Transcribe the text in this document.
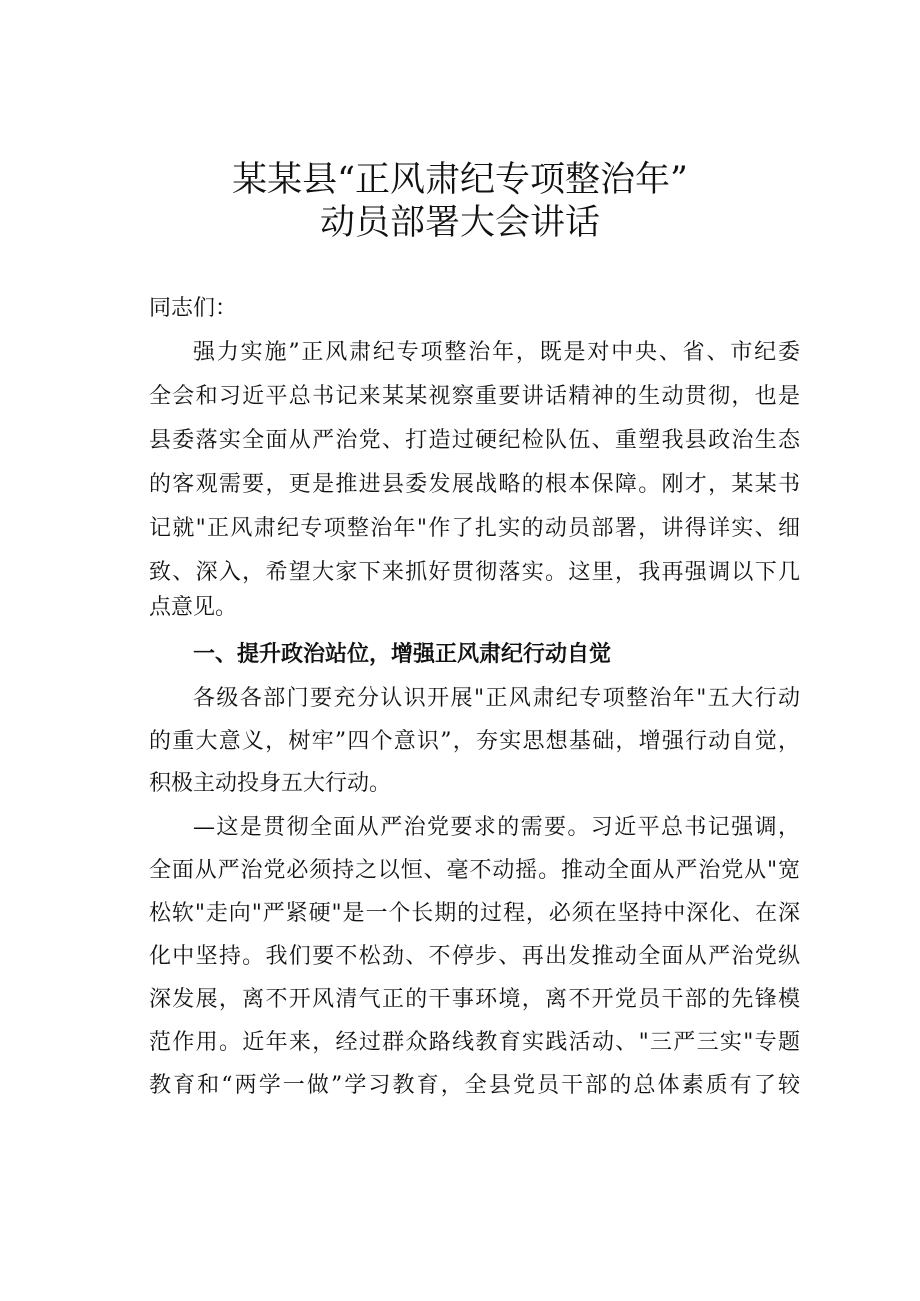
某某县“正风肃纪专项整治年”
动员部署大会讲话
同志们：
强力实施”正风肃纪专项整治年，既是对中央、省、市纪委
全会和习近平总书记来某某视察重要讲话精神的生动贯彻，也是
县委落实全面从严治党、打造过硬纪检队伍、重塑我县政治生态
的客观需要，更是推进县委发展战略的根本保障。刚才，某某书
记就"正风肃纪专项整治年"作了扎实的动员部署，讲得详实、细
致、深入，希望大家下来抓好贯彻落实。这里，我再强调以下几
点意见。
一、提升政治站位，增强正风肃纪行动自觉
各级各部门要充分认识开展"正风肃纪专项整治年"五大行动
的重大意义，树牢”四个意识”，夯实思想基础，增强行动自觉，
积极主动投身五大行动。
—这是贯彻全面从严治党要求的需要。习近平总书记强调，
全面从严治党必须持之以恒、毫不动摇。推动全面从严治党从"宽
松软"走向"严紧硬"是一个长期的过程，必须在坚持中深化、在深
化中坚持。我们要不松劲、不停步、再出发推动全面从严治党纵
深发展，离不开风清气正的干事环境，离不开党员干部的先锋模
范作用。近年来，经过群众路线教育实践活动、"三严三实"专题
教育和“两学一做”学习教育，全县党员干部的总体素质有了较
